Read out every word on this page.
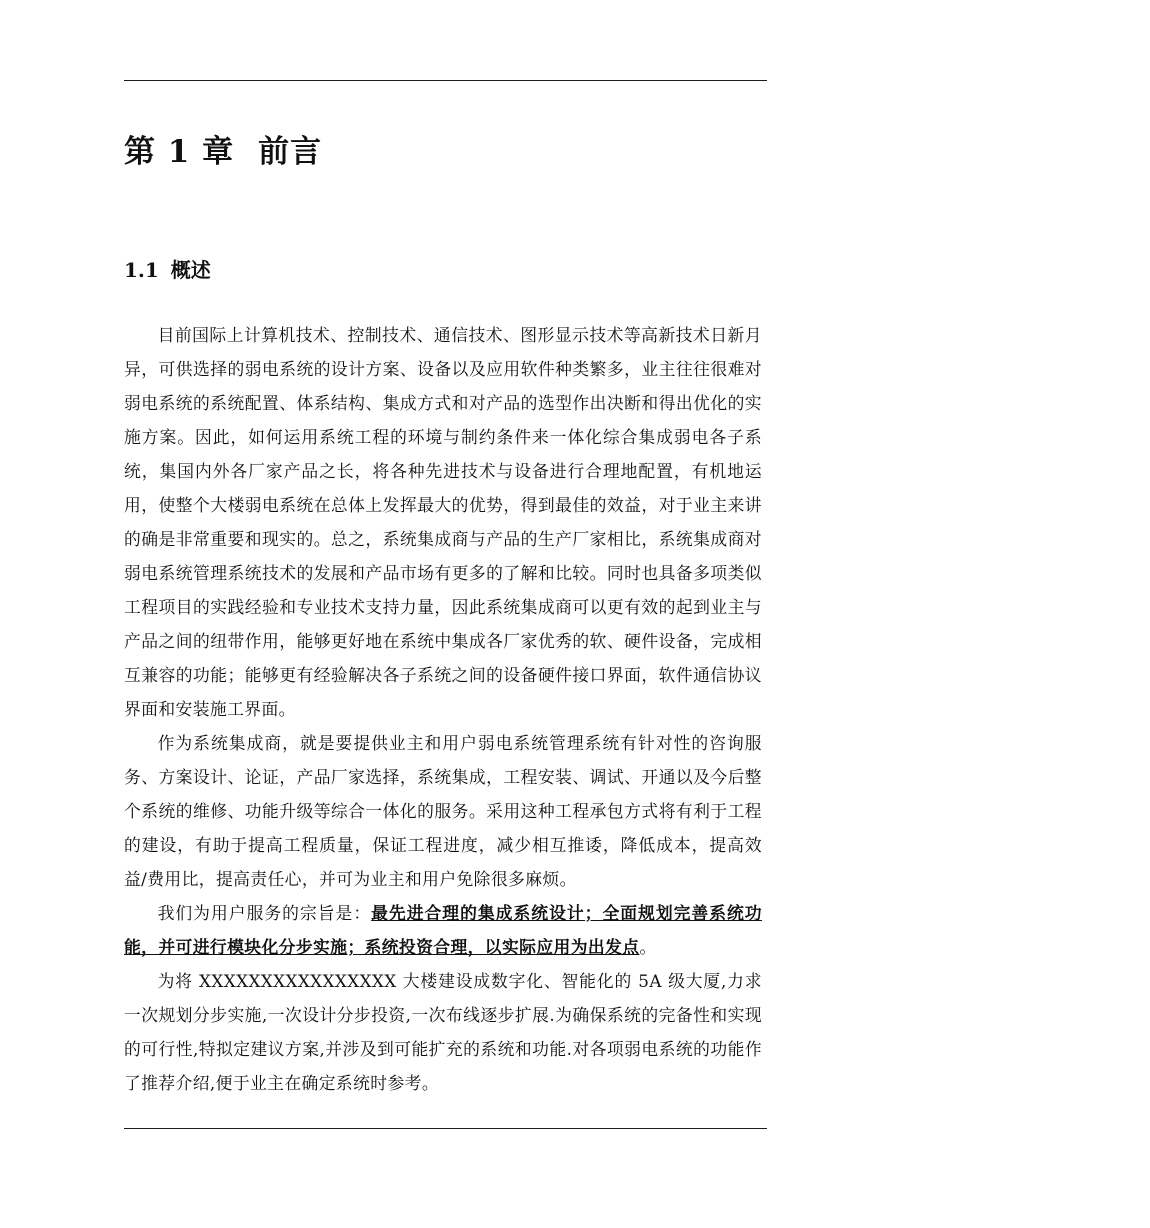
第 1 章 前言
1.1 概述

目前国际上计算机技术、控制技术、通信技术、图形显示技术等高新技术日新月异，可供选择的弱电系统的设计方案、设备以及应用软件种类繁多，业主往往很难对弱电系统的系统配置、体系结构、集成方式和对产品的选型作出决断和得出优化的实施方案。因此，如何运用系统工程的环境与制约条件来一体化综合集成弱电各子系统，集国内外各厂家产品之长，将各种先进技术与设备进行合理地配置，有机地运用，使整个大楼弱电系统在总体上发挥最大的优势，得到最佳的效益，对于业主来讲的确是非常重要和现实的。总之，系统集成商与产品的生产厂家相比，系统集成商对弱电系统管理系统技术的发展和产品市场有更多的了解和比较。同时也具备多项类似工程项目的实践经验和专业技术支持力量，因此系统集成商可以更有效的起到业主与产品之间的纽带作用，能够更好地在系统中集成各厂家优秀的软、硬件设备，完成相互兼容的功能；能够更有经验解决各子系统之间的设备硬件接口界面，软件通信协议界面和安装施工界面。

作为系统集成商，就是要提供业主和用户弱电系统管理系统有针对性的咨询服务、方案设计、论证，产品厂家选择，系统集成，工程安装、调试、开通以及今后整个系统的维修、功能升级等综合一体化的服务。采用这种工程承包方式将有利于工程的建设，有助于提高工程质量，保证工程进度，减少相互推诿，降低成本，提高效益/费用比，提高责任心，并可为业主和用户免除很多麻烦。

我们为用户服务的宗旨是：最先进合理的集成系统设计；全面规划完善系统功能，并可进行模块化分步实施；系统投资合理，以实际应用为出发点。

为将 XXXXXXXXXXXXXXXX 大楼建设成数字化、智能化的 5A 级大厦,力求一次规划分步实施,一次设计分步投资,一次布线逐步扩展.为确保系统的完备性和实现的可行性,特拟定建议方案,并涉及到可能扩充的系统和功能.对各项弱电系统的功能作了推荐介绍,便于业主在确定系统时参考。
